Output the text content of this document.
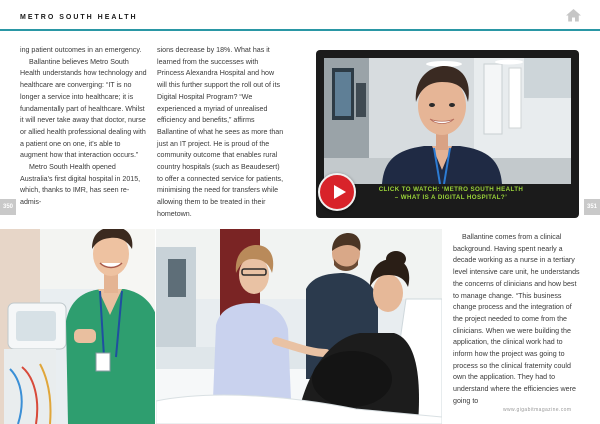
METRO SOUTH HEALTH

ing patient outcomes in an emergency.

Ballantine believes Metro South Health understands how technology and healthcare are converging: “IT is no longer a service into healthcare; it is fundamentally part of healthcare. Whilst it will never take away that doctor, nurse or allied health professional dealing with a patient one on one, it’s able to augment how that interaction occurs.”

Metro South Health opened Australia’s first digital hospital in 2015, which, thanks to IMR, has seen re-admis-

sions decrease by 18%. What has it learned from the successes with Princess Alexandra Hospital and how will this further support the roll out of its Digital Hospital Program? “We experienced a myriad of unrealised efficiency and benefits,” affirms Ballantine of what he sees as more than just an IT project. He is proud of the community outcome that enables rural country hospitals (such as Beaudesert) to offer a connected service for patients, minimising the need for transfers while allowing them to be treated in their hometown.

350	351
CLICK TO WATCH: ‘METRO SOUTH HEALTH
– WHAT IS A DIGITAL HOSPITAL?’

Ballantine comes from a clinical background. Having spent nearly a decade working as a nurse in a tertiary level intensive care unit, he understands the concerns of clinicians and how best to manage change. “This business change process and the integration of the project needed to come from the clinicians. When we were building the application, the clinical work had to inform how the project was going to process so the clinical fraternity could own the application. They had to understand where the efficiencies were going to

www.gigabitmagazine.com
